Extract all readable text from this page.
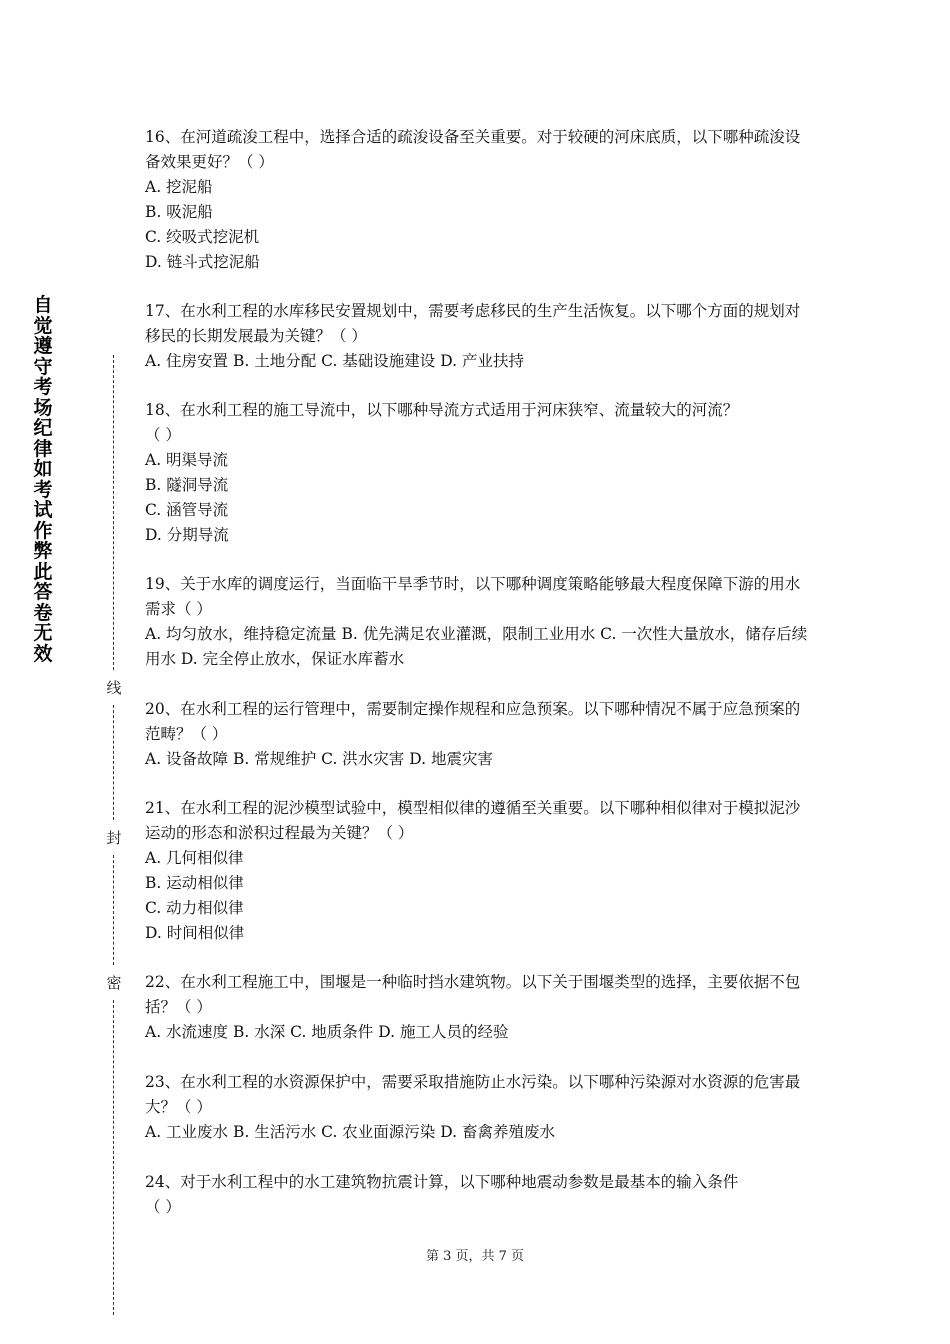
自觉遵守考场纪律如考试作弊此答卷无效
线
封
密

16、在河道疏浚工程中，选择合适的疏浚设备至关重要。对于较硬的河床底质，以下哪种疏浚设备效果更好？（ ）

A. 挖泥船

B. 吸泥船

C. 绞吸式挖泥机

D. 链斗式挖泥船

17、在水利工程的水库移民安置规划中，需要考虑移民的生产生活恢复。以下哪个方面的规划对移民的长期发展最为关键？（ ）

A. 住房安置 B. 土地分配 C. 基础设施建设 D. 产业扶持

18、在水利工程的施工导流中，以下哪种导流方式适用于河床狭窄、流量较大的河流？

（ ）

A. 明渠导流

B. 隧洞导流

C. 涵管导流

D. 分期导流

19、关于水库的调度运行，当面临干旱季节时，以下哪种调度策略能够最大程度保障下游的用水需求（ ）

A. 均匀放水，维持稳定流量 B. 优先满足农业灌溉，限制工业用水 C. 一次性大量放水，储存后续用水 D. 完全停止放水，保证水库蓄水

20、在水利工程的运行管理中，需要制定操作规程和应急预案。以下哪种情况不属于应急预案的范畴？（ ）

A. 设备故障 B. 常规维护 C. 洪水灾害 D. 地震灾害

21、在水利工程的泥沙模型试验中，模型相似律的遵循至关重要。以下哪种相似律对于模拟泥沙运动的形态和淤积过程最为关键？（ ）

A. 几何相似律

B. 运动相似律

C. 动力相似律

D. 时间相似律

22、在水利工程施工中，围堰是一种临时挡水建筑物。以下关于围堰类型的选择，主要依据不包括？（ ）

A. 水流速度 B. 水深 C. 地质条件 D. 施工人员的经验

23、在水利工程的水资源保护中，需要采取措施防止水污染。以下哪种污染源对水资源的危害最大？（ ）

A. 工业废水 B. 生活污水 C. 农业面源污染 D. 畜禽养殖废水

24、对于水利工程中的水工建筑物抗震计算，以下哪种地震动参数是最基本的输入条件

（ ）

第 3 页，共 7 页
